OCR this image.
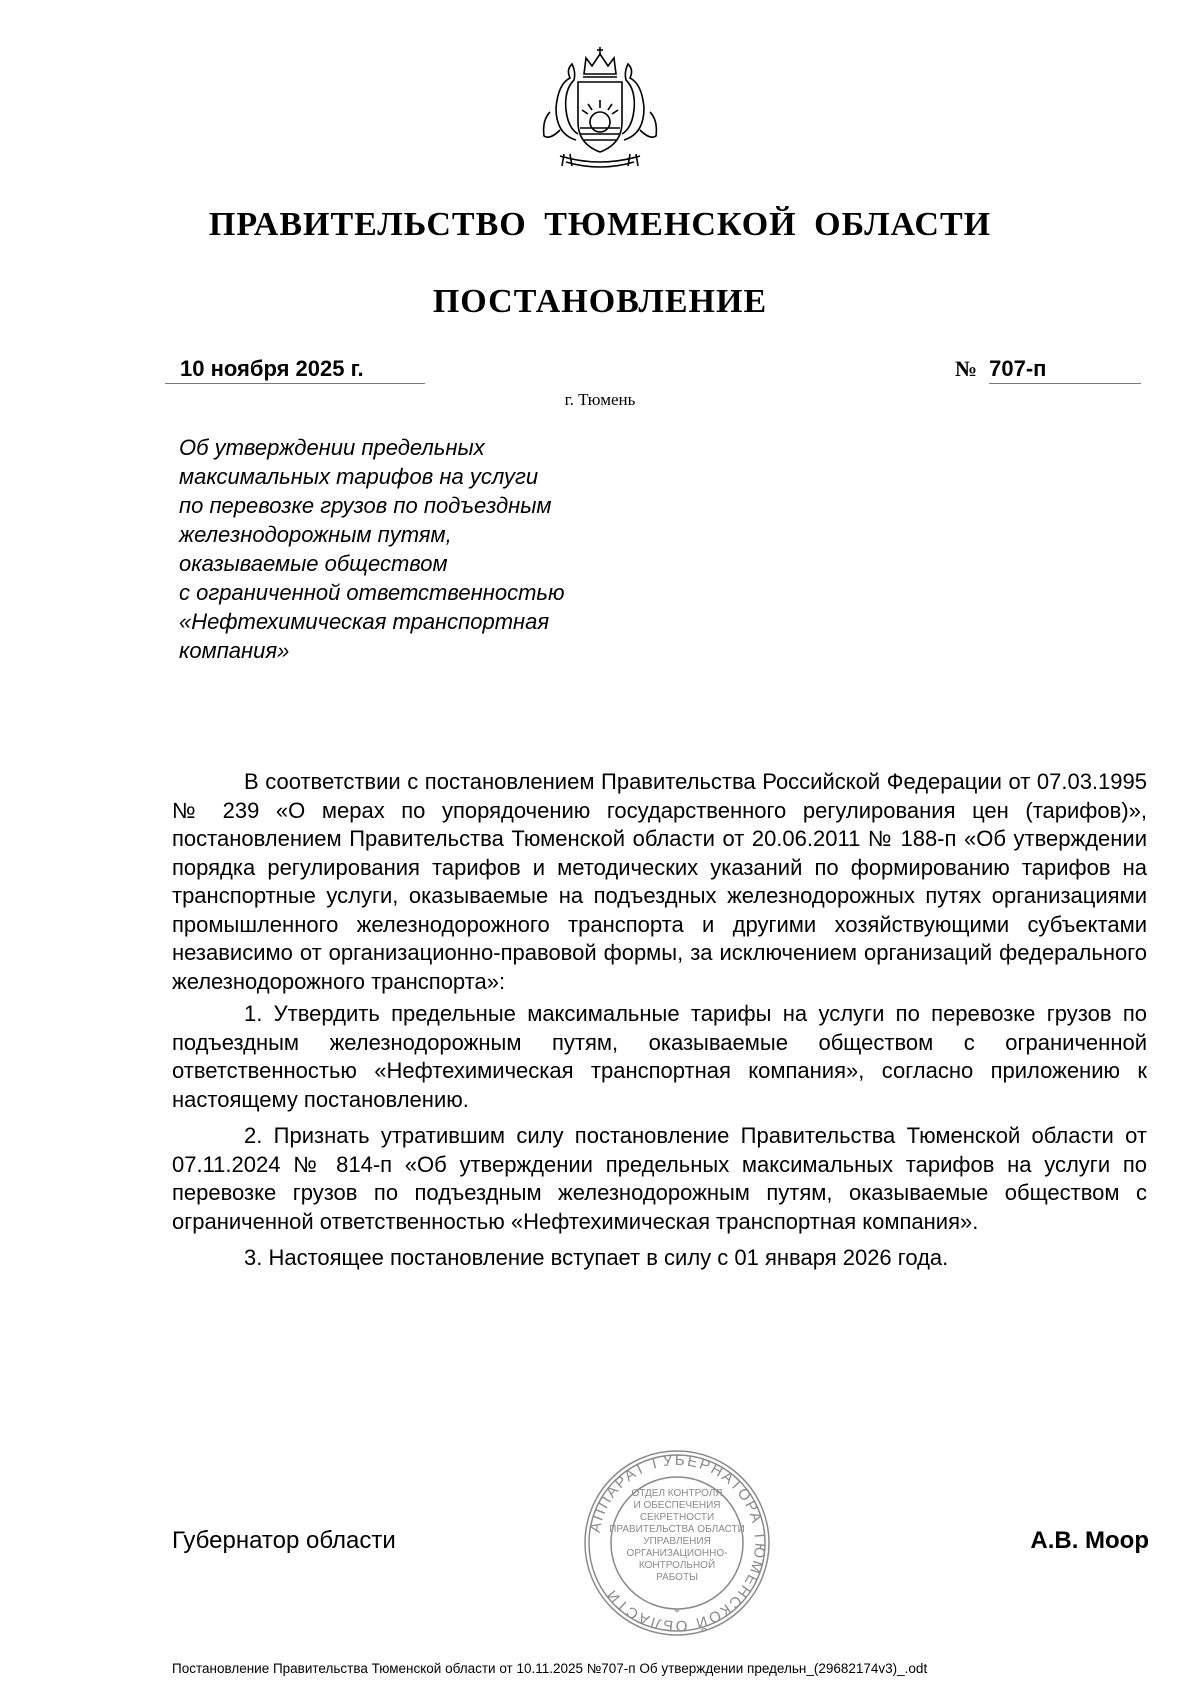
ПРАВИТЕЛЬСТВО ТЮМЕНСКОЙ ОБЛАСТИ
ПОСТАНОВЛЕНИЕ
10 ноября 2025 г.	№ 707-п
г. Тюмень
Об утверждении предельных
максимальных тарифов на услуги
по перевозке грузов по подъездным
железнодорожным путям,
оказываемые обществом
с ограниченной ответственностью
«Нефтехимическая транспортная
компания»

В соответствии с постановлением Правительства Российской Федерации от 07.03.1995 № 239 «О мерах по упорядочению государственного регулирования цен (тарифов)», постановлением Правительства Тюменской области от 20.06.2011 № 188-п «Об утверждении порядка регулирования тарифов и методических указаний по формированию тарифов на транспортные услуги, оказываемые на подъездных железнодорожных путях организациями промышленного железнодорожного транспорта и другими хозяйствующими субъектами независимо от организационно-правовой формы, за исключением организаций федерального железнодорожного транспорта»:

1. Утвердить предельные максимальные тарифы на услуги по перевозке грузов по подъездным железнодорожным путям, оказываемые обществом с ограниченной ответственностью «Нефтехимическая транспортная компания», согласно приложению к настоящему постановлению.

2. Признать утратившим силу постановление Правительства Тюменской области от 07.11.2024 № 814-п «Об утверждении предельных максимальных тарифов на услуги по перевозке грузов по подъездным железнодорожным путям, оказываемые обществом с ограниченной ответственностью «Нефтехимическая транспортная компания».

3. Настоящее постановление вступает в силу с 01 января 2026 года.

АППАРАТ ГУБЕРНАТОРА ТЮМЕНСКОЙ ОБЛАСТИ
ОТДЕЛ КОНТРОЛЯ
И ОБЕСПЕЧЕНИЯ
СЕКРЕТНОСТИ
ПРАВИТЕЛЬСТВА ОБЛАСТИ
УПРАВЛЕНИЯ
ОРГАНИЗАЦИОННО-
КОНТРОЛЬНОЙ
РАБОТЫ
*
Губернатор области	А.В. Моор
Постановление Правительства Тюменской области от 10.11.2025 №707-п Об утверждении предельн_(29682174v3)_.odt
